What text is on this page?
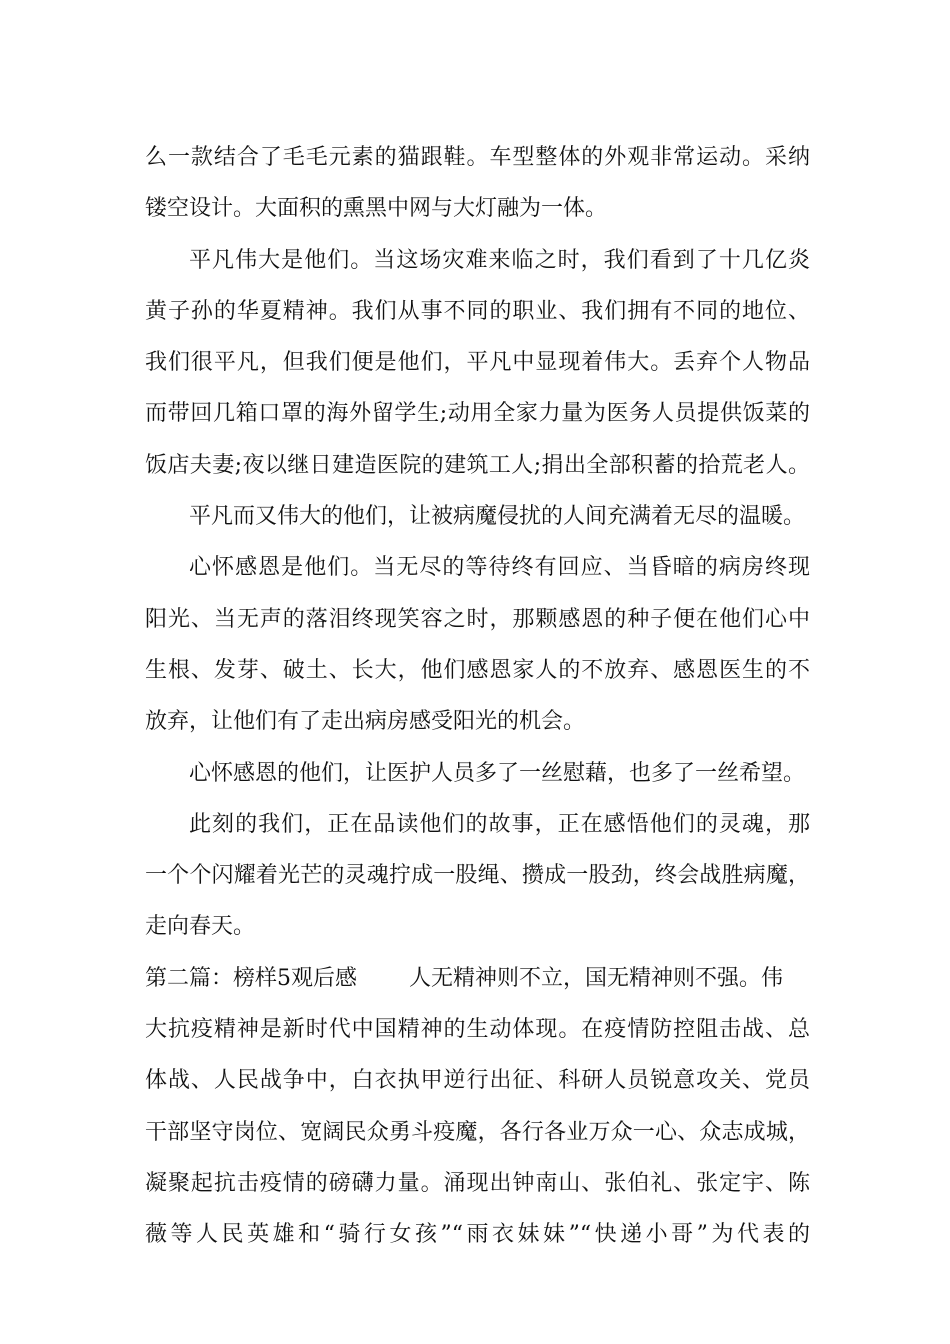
么一款结合了毛毛元素的猫跟鞋。车型整体的外观非常运动。采纳
镂空设计。大面积的熏黑中网与大灯融为一体。
平凡伟大是他们。当这场灾难来临之时，我们看到了十几亿炎
黄子孙的华夏精神。我们从事不同的职业、我们拥有不同的地位、
我们很平凡，但我们便是他们，平凡中显现着伟大。丢弃个人物品
而带回几箱口罩的海外留学生;动用全家力量为医务人员提供饭菜的
饭店夫妻;夜以继日建造医院的建筑工人;捐出全部积蓄的拾荒老人。
平凡而又伟大的他们，让被病魔侵扰的人间充满着无尽的温暖。
心怀感恩是他们。当无尽的等待终有回应、当昏暗的病房终现
阳光、当无声的落泪终现笑容之时，那颗感恩的种子便在他们心中
生根、发芽、破土、长大，他们感恩家人的不放弃、感恩医生的不
放弃，让他们有了走出病房感受阳光的机会。
心怀感恩的他们，让医护人员多了一丝慰藉，也多了一丝希望。
此刻的我们，正在品读他们的故事，正在感悟他们的灵魂，那
一个个闪耀着光芒的灵魂拧成一股绳、攒成一股劲，终会战胜病魔，
走向春天。
第二篇：榜样5观后感 人无精神则不立，国无精神则不强。伟
大抗疫精神是新时代中国精神的生动体现。在疫情防控阻击战、总
体战、人民战争中，白衣执甲逆行出征、科研人员锐意攻关、党员
干部坚守岗位、宽阔民众勇斗疫魔，各行各业万众一心、众志成城，
凝聚起抗击疫情的磅礴力量。涌现出钟南山、张伯礼、张定宇、陈
薇等人民英雄和“骑行女孩”“雨衣妹妹”“快递小哥”为代表的
